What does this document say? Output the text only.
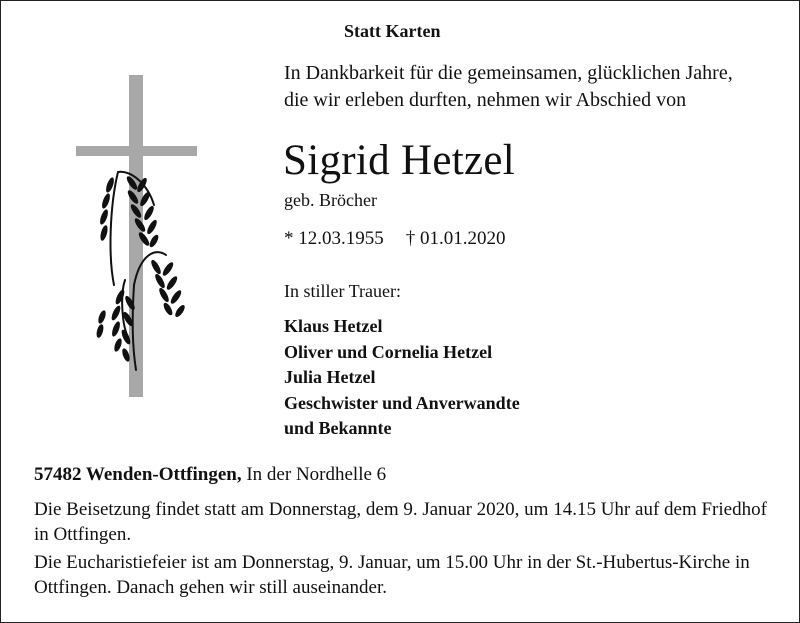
Statt Karten
In Dankbarkeit für die gemeinsamen, glücklichen Jahre,
die wir erleben durften, nehmen wir Abschied von
Sigrid Hetzel
geb. Bröcher
* 12.03.1955 † 01.01.2020
In stiller Trauer:
Klaus Hetzel
Oliver und Cornelia Hetzel
Julia Hetzel
Geschwister und Anverwandte
und Bekannte
57482 Wenden-Ottfingen, In der Nordhelle 6
Die Beisetzung findet statt am Donnerstag, dem 9. Januar 2020, um 14.15 Uhr auf dem Friedhof in Ottfingen.
Die Eucharistiefeier ist am Donnerstag, 9. Januar, um 15.00 Uhr in der St.-Hubertus-Kirche in Ottfingen. Danach gehen wir still auseinander.
